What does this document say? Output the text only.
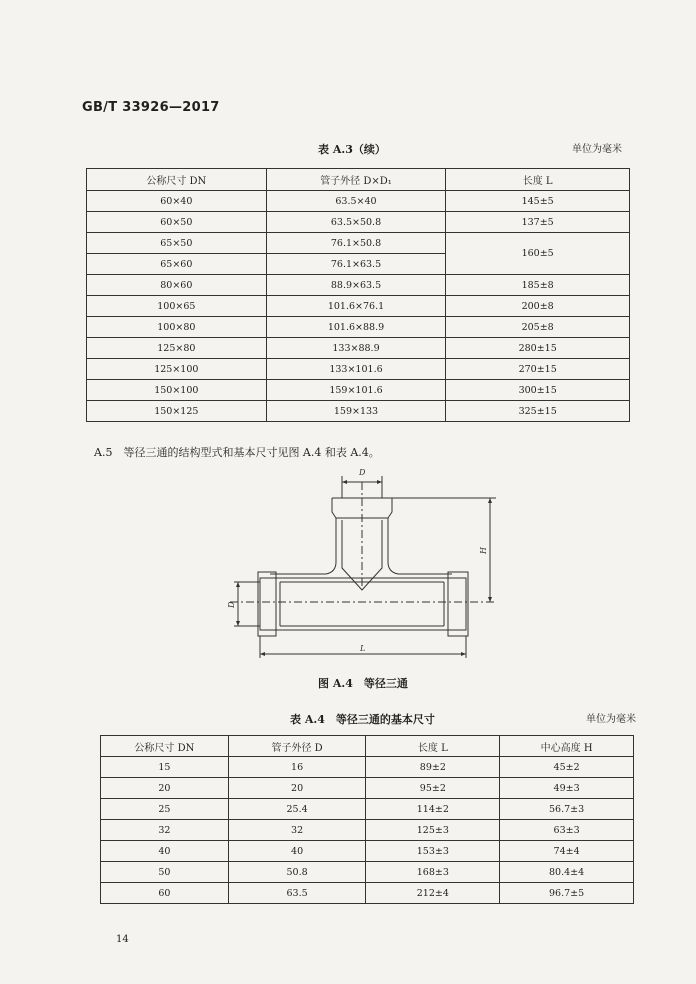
GB/T 33926—2017
表 A.3（续）	单位为毫米
公称尺寸 DN	管子外径 D×D₁	长度 L
60×40	63.5×40	145±5
60×50	63.5×50.8	137±5
65×50	76.1×50.8	160±5
65×60	76.1×63.5	
80×60	88.9×63.5	185±8
100×65	101.6×76.1	200±8
100×80	101.6×88.9	205±8
125×80	133×88.9	280±15
125×100	133×101.6	270±15
150×100	159×101.6	300±15
150×125	159×133	325±15
A.5　等径三通的结构型式和基本尺寸见图 A.4 和表 A.4。
D
H
D
L
图 A.4　等径三通
表 A.4　等径三通的基本尺寸	单位为毫米
公称尺寸 DN	管子外径 D	长度 L	中心高度 H
15	16	89±2	45±2
20	20	95±2	49±3
25	25.4	114±2	56.7±3
32	32	125±3	63±3
40	40	153±3	74±4
50	50.8	168±3	80.4±4
60	63.5	212±4	96.7±5
14
